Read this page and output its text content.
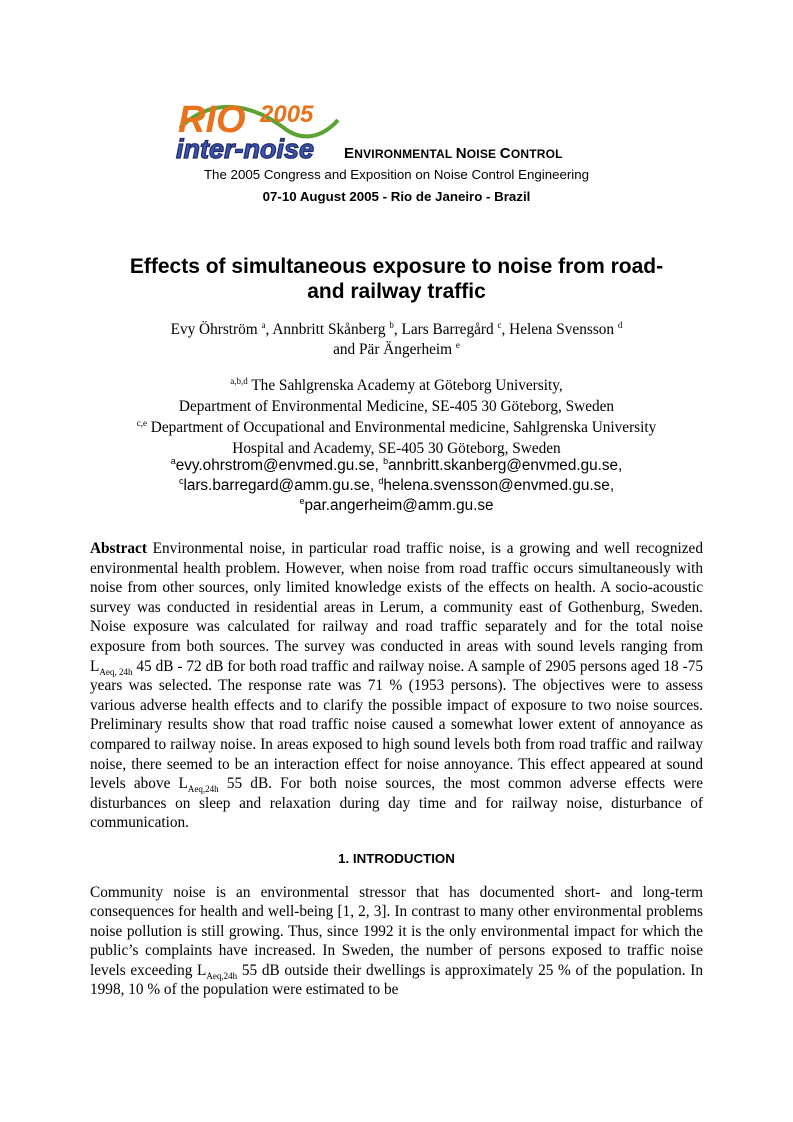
RIO 2005
inter-noise ENVIRONMENTAL NOISE CONTROL
The 2005 Congress and Exposition on Noise Control Engineering
07-10 August 2005 - Rio de Janeiro - Brazil
Effects of simultaneous exposure to noise from road-
and railway traffic
Evy Öhrström $^a$, Annbritt Skånberg $^b$, Lars Barregård $^c$, Helena Svensson $^d$
and Pär Ängerheim $^e$
$^{a,b,d}$ The Sahlgrenska Academy at Göteborg University,
Department of Environmental Medicine, SE-405 30 Göteborg, Sweden
$^{c,e}$ Department of Occupational and Environmental medicine, Sahlgrenska University
Hospital and Academy, SE-405 30 Göteborg, Sweden
$^a$evy.ohrstrom@envmed.gu.se, $^b$annbritt.skanberg@envmed.gu.se,
$^c$lars.barregard@amm.gu.se, $^d$helena.svensson@envmed.gu.se,
$^e$par.angerheim@amm.gu.se
Abstract Environmental noise, in particular road traffic noise, is a growing and well recognized environmental health problem. However, when noise from road traffic occurs simultaneously with noise from other sources, only limited knowledge exists of the effects on health. A socio-acoustic survey was conducted in residential areas in Lerum, a community east of Gothenburg, Sweden. Noise exposure was calculated for railway and road traffic separately and for the total noise exposure from both sources. The survey was conducted in areas with sound levels ranging from $L_{Aeq, 24h}$ 45 dB - 72 dB for both road traffic and railway noise. A sample of 2905 persons aged 18 -75 years was selected. The response rate was 71 % (1953 persons). The objectives were to assess various adverse health effects and to clarify the possible impact of exposure to two noise sources. Preliminary results show that road traffic noise caused a somewhat lower extent of annoyance as compared to railway noise. In areas exposed to high sound levels both from road traffic and railway noise, there seemed to be an interaction effect for noise annoyance. This effect appeared at sound levels above $L_{Aeq,24h}$ 55 dB. For both noise sources, the most common adverse effects were disturbances on sleep and relaxation during day time and for railway noise, disturbance of communication.
1. INTRODUCTION
Community noise is an environmental stressor that has documented short- and long-term consequences for health and well-being [1, 2, 3]. In contrast to many other environmental problems noise pollution is still growing. Thus, since 1992 it is the only environmental impact for which the public’s complaints have increased. In Sweden, the number of persons exposed to traffic noise levels exceeding $L_{Aeq,24h}$ 55 dB outside their dwellings is approximately 25 % of the population. In 1998, 10 % of the population were estimated to be
